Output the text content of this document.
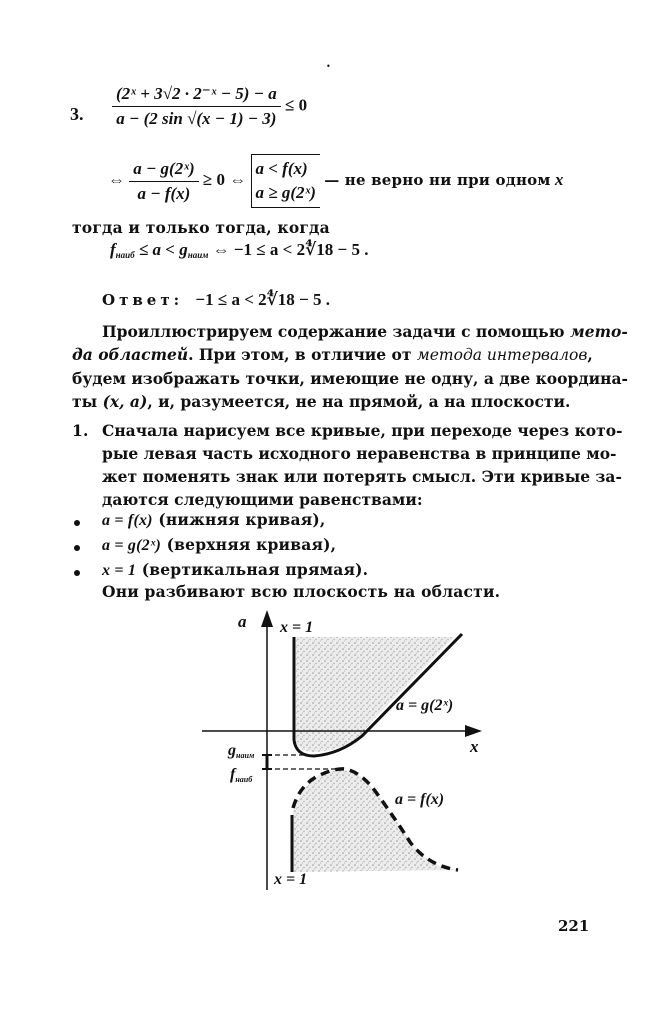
•
3. $\frac{\text{(2ˣ + 3√2 · 2⁻ˣ − 5) − a}}{a - (2 \sin √(x - 1) - 3)} \le 0$
⇔ $\frac{\text{a − g(2ˣ)}}{a - f(x)} \ge 0$ ⇔
a < f(x)
a ≥ g(2ˣ)
— не верно ни при одном x
тогда и только тогда, когда
$f_{наиб} \le a < g_{наим}$ ⇔ −1 ≤ a < 2∜18 − 5 .
Ответ: −1 ≤ a < 2∜18 − 5 .
Проиллюстрируем содержание задачи с помощью мето-
да областей. При этом, в отличие от метода интервалов,
будем изображать точки, имеющие не одну, а две координа-
ты (x, a), и, разумеется, не на прямой, а на плоскости.
1. Сначала нарисуем все кривые, при переходе через кото-
рые левая часть исходного неравенства в принципе мо-
жет поменять знак или потерять смысл. Эти кривые за-
даются следующими равенствами:
a = f(x) (нижняя кривая),
a = g(2ˣ) (верхняя кривая),
x = 1 (вертикальная прямая).
Они разбивают всю плоскость на области.
a
x
x = 1
x = 1
a = g(2ˣ)
a = f(x)
$g_{наим}$
$f_{наиб}$
221
